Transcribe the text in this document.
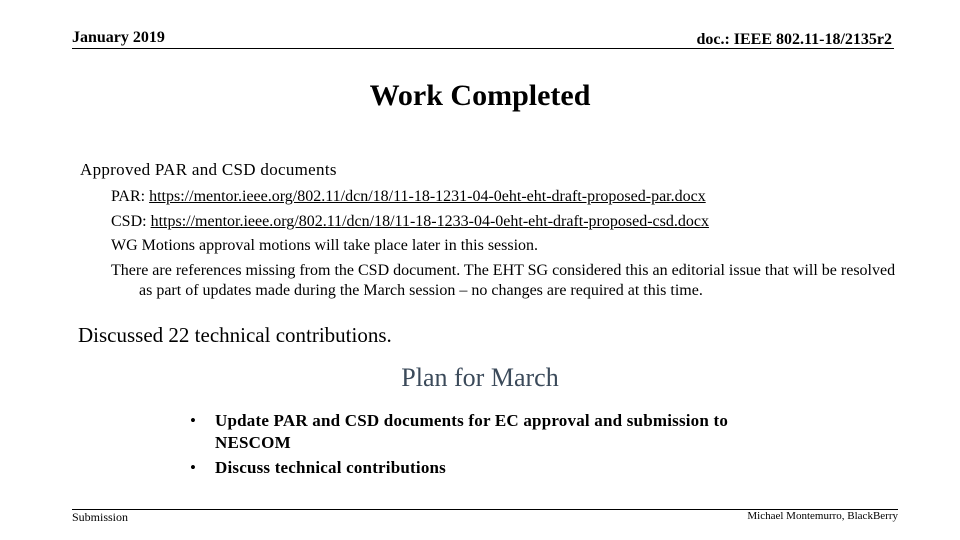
January 2019	doc.: IEEE 802.11-18/2135r2
Work Completed
Approved PAR and CSD documents
PAR: https://mentor.ieee.org/802.11/dcn/18/11-18-1231-04-0eht-eht-draft-proposed-par.docx
CSD: https://mentor.ieee.org/802.11/dcn/18/11-18-1233-04-0eht-eht-draft-proposed-csd.docx
WG Motions approval motions will take place later in this session.
There are references missing from the CSD document. The EHT SG considered this an editorial issue that will be resolved as part of updates made during the March session – no changes are required at this time.
Discussed 22 technical contributions.
Plan for March
• Update PAR and CSD documents for EC approval and submission to NESCOM
• Discuss technical contributions
Submission	Michael Montemurro, BlackBerry
